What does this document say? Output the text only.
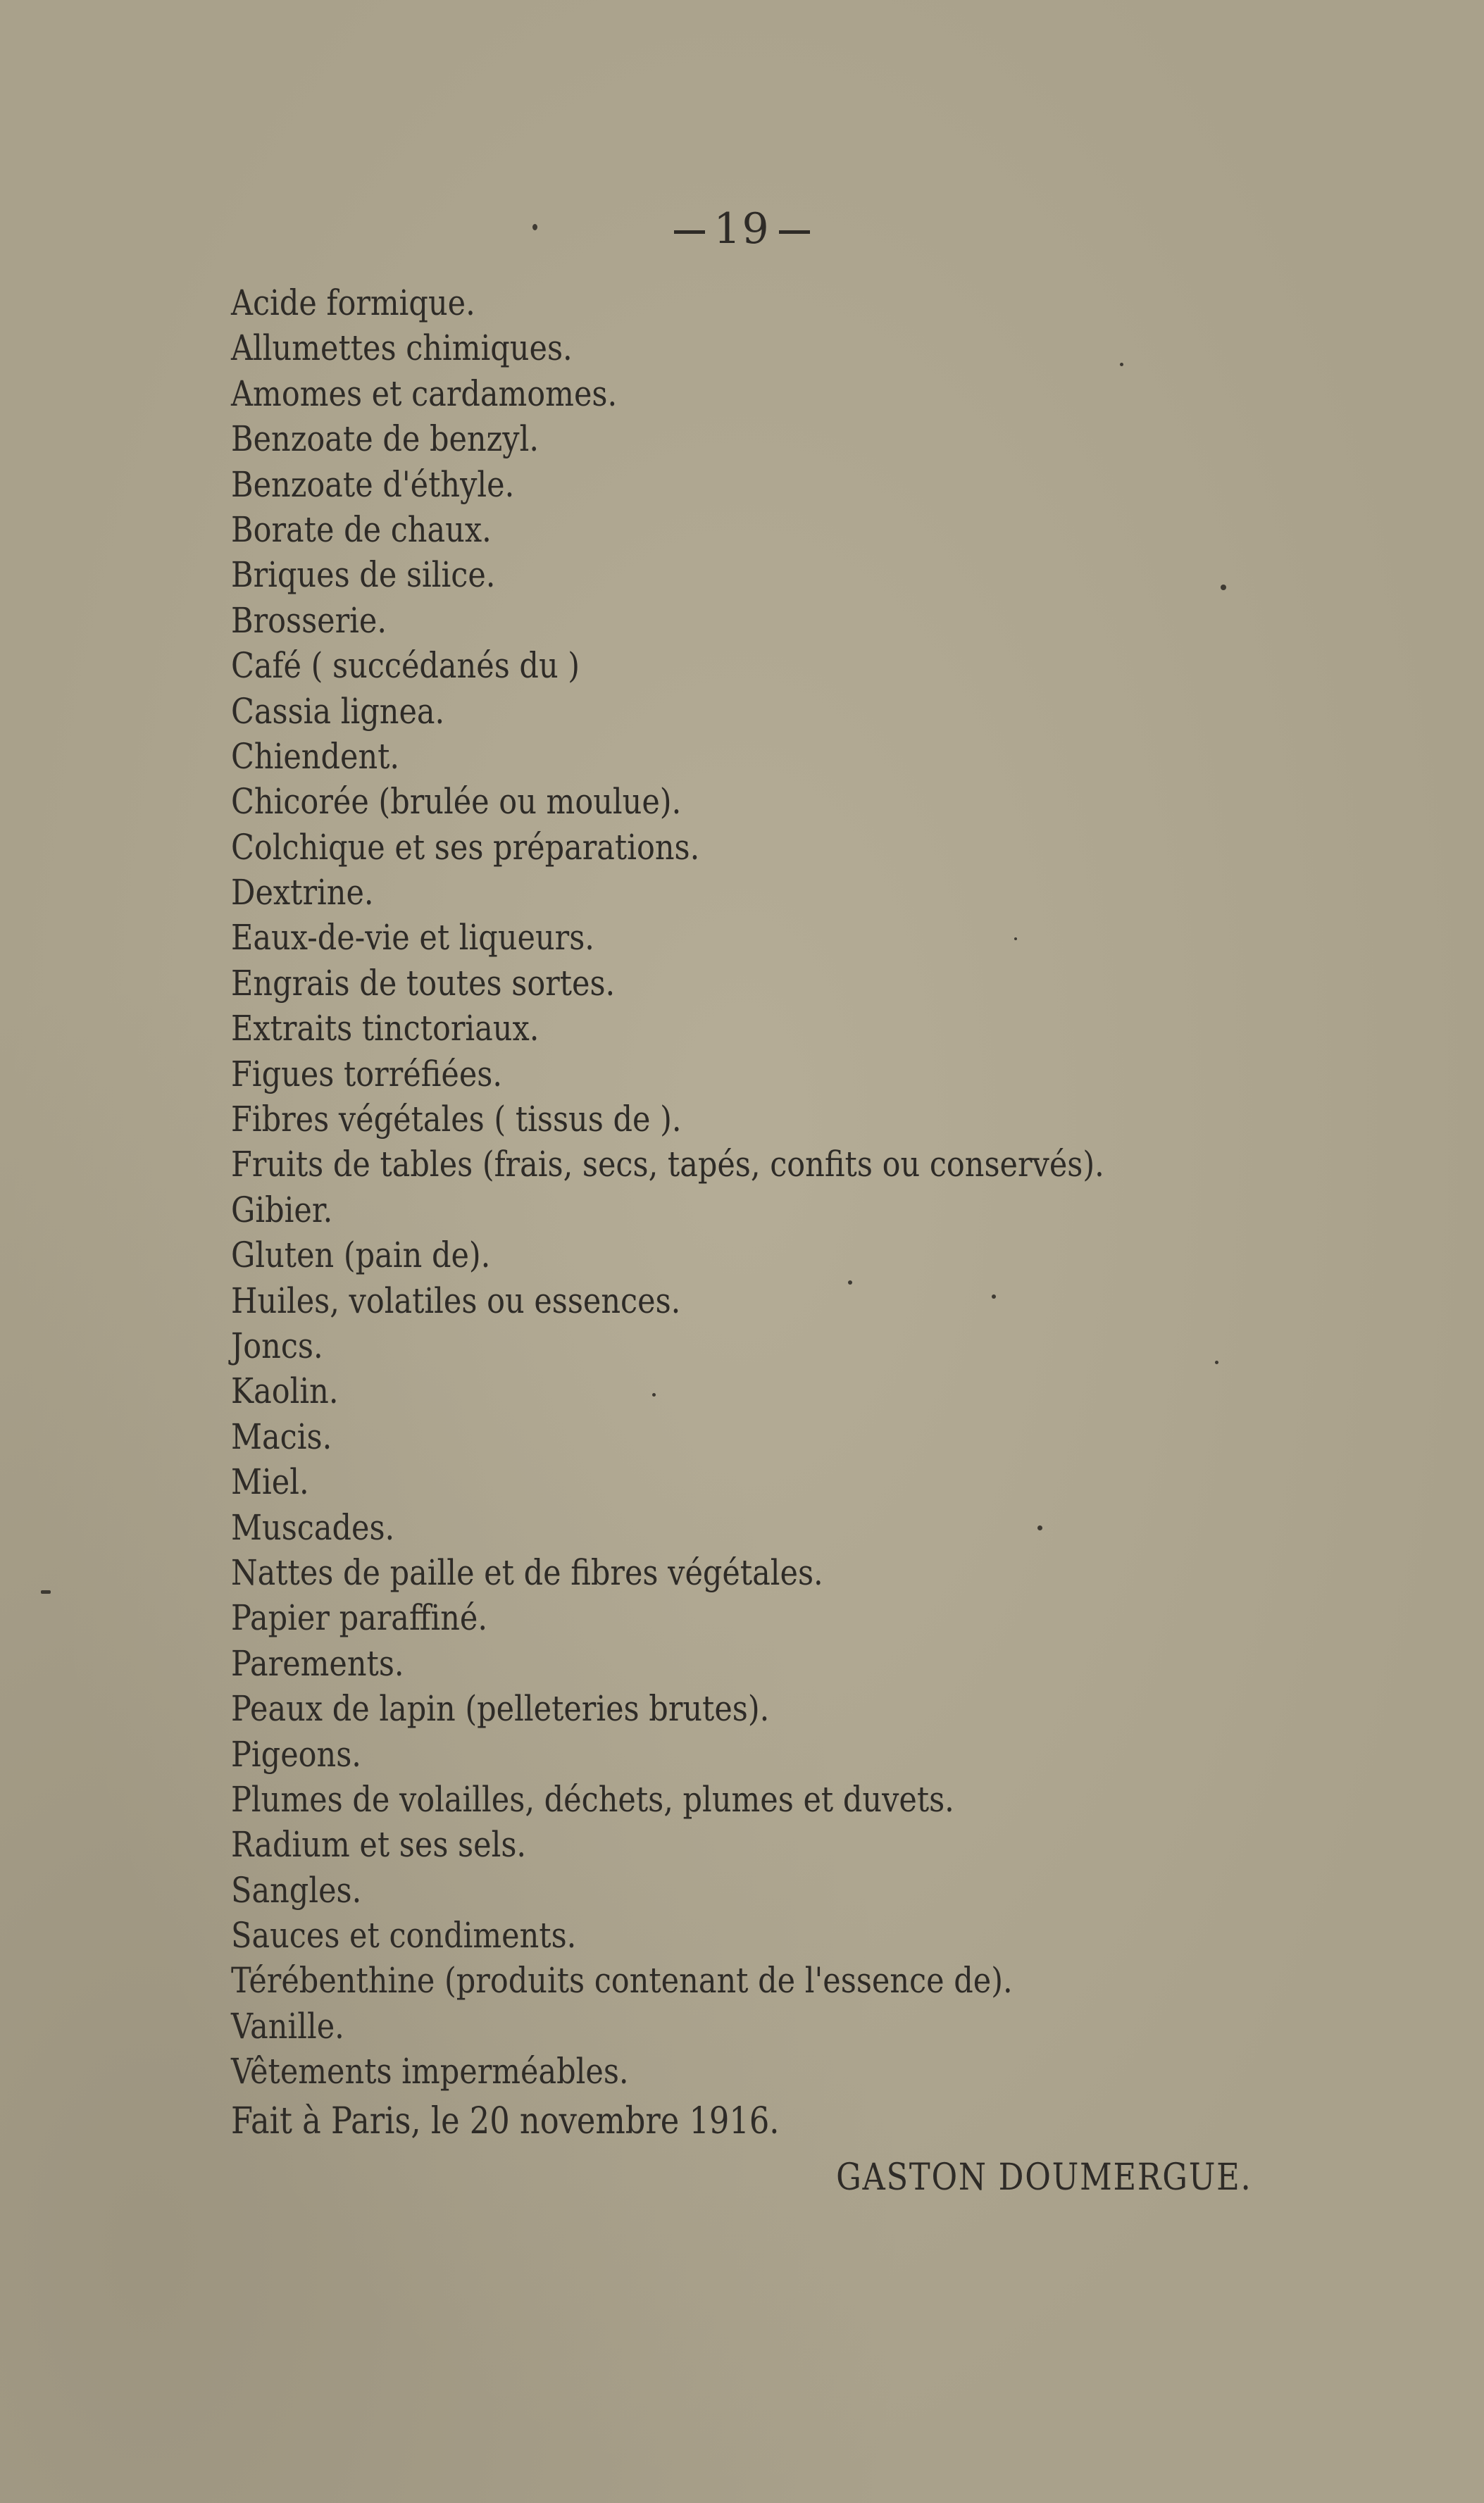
19
Acide formique.
Allumettes chimiques.
Amomes et cardamomes.
Benzoate de benzyl.
Benzoate d'éthyle.
Borate de chaux.
Briques de silice.
Brosserie.
Café ( succédanés du )
Cassia lignea.
Chiendent.
Chicorée (brulée ou moulue).
Colchique et ses préparations.
Dextrine.
Eaux-de-vie et liqueurs.
Engrais de toutes sortes.
Extraits tinctoriaux.
Figues torréfiées.
Fibres végétales ( tissus de ).
Fruits de tables (frais, secs, tapés, confits ou conservés).
Gibier.
Gluten (pain de).
Huiles, volatiles ou essences.
Joncs.
Kaolin.
Macis.
Miel.
Muscades.
Nattes de paille et de fibres végétales.
Papier paraffiné.
Parements.
Peaux de lapin (pelleteries brutes).
Pigeons.
Plumes de volailles, déchets, plumes et duvets.
Radium et ses sels.
Sangles.
Sauces et condiments.
Térébenthine (produits contenant de l'essence de).
Vanille.
Vêtements imperméables.
Fait à Paris, le 20 novembre 1916.
GASTON DOUMERGUE.
